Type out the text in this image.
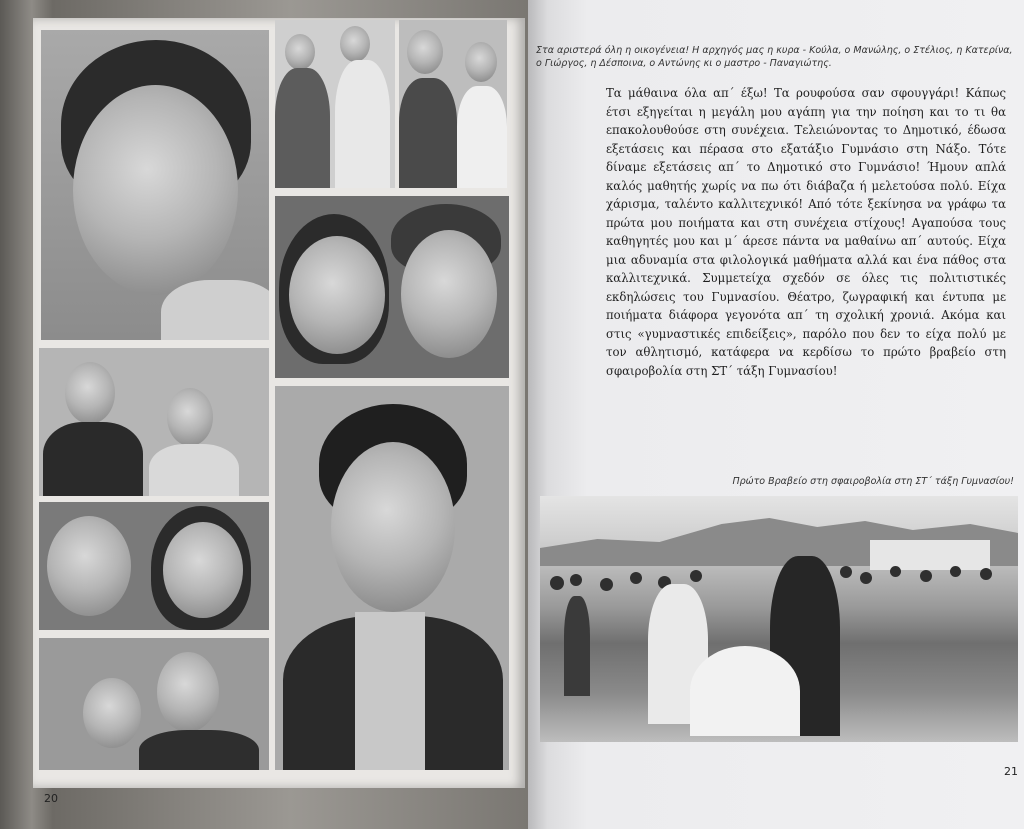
20
Στα αριστερά όλη η οικογένεια! Η αρχηγός μας η κυρα - Κούλα, ο Μανώλης, ο Στέλιος, η Κατερίνα, ο Γιώργος, η Δέσποινα, ο Αντώνης κι ο μαστρο - Παναγιώτης.
Τα μάθαινα όλα απ΄ έξω! Τα ρουφούσα σαν σφουγγάρι! Κάπως έτσι εξηγείται η μεγάλη μου αγάπη για την ποίηση και το τι θα επακολουθούσε στη συνέχεια. Τελειώνοντας το Δημοτικό, έδωσα εξετάσεις και πέρασα στο εξατάξιο Γυμνάσιο στη Νάξο. Τότε δίναμε εξετάσεις απ΄ το Δημοτικό στο Γυμνάσιο! Ήμουν απλά καλός μαθητής χωρίς να πω ότι διάβαζα ή μελετούσα πολύ. Είχα χάρισμα, ταλέντο καλλιτεχνικό! Από τότε ξεκίνησα να γράφω τα πρώτα μου ποιήματα και στη συνέχεια στίχους! Αγαπούσα τους καθηγητές μου και μ΄ άρεσε πάντα να μαθαίνω απ΄ αυτούς. Είχα μια αδυναμία στα φιλολογικά μαθήματα αλλά και ένα πάθος στα καλλιτεχνικά. Συμμετείχα σχεδόν σε όλες τις πολιτιστικές εκδηλώσεις του Γυμνασίου. Θέατρο, ζωγραφική και έντυπα με ποιήματα διάφορα γεγονότα απ΄ τη σχολική χρονιά. Ακόμα και στις «γυμναστικές επιδείξεις», παρόλο που δεν το είχα πολύ με τον αθλητισμό, κατάφερα να κερδίσω το πρώτο βραβείο στη σφαιροβολία στη ΣΤ΄ τάξη Γυμνασίου!
Πρώτο Βραβείο στη σφαιροβολία στη ΣΤ΄ τάξη Γυμνασίου!
21
